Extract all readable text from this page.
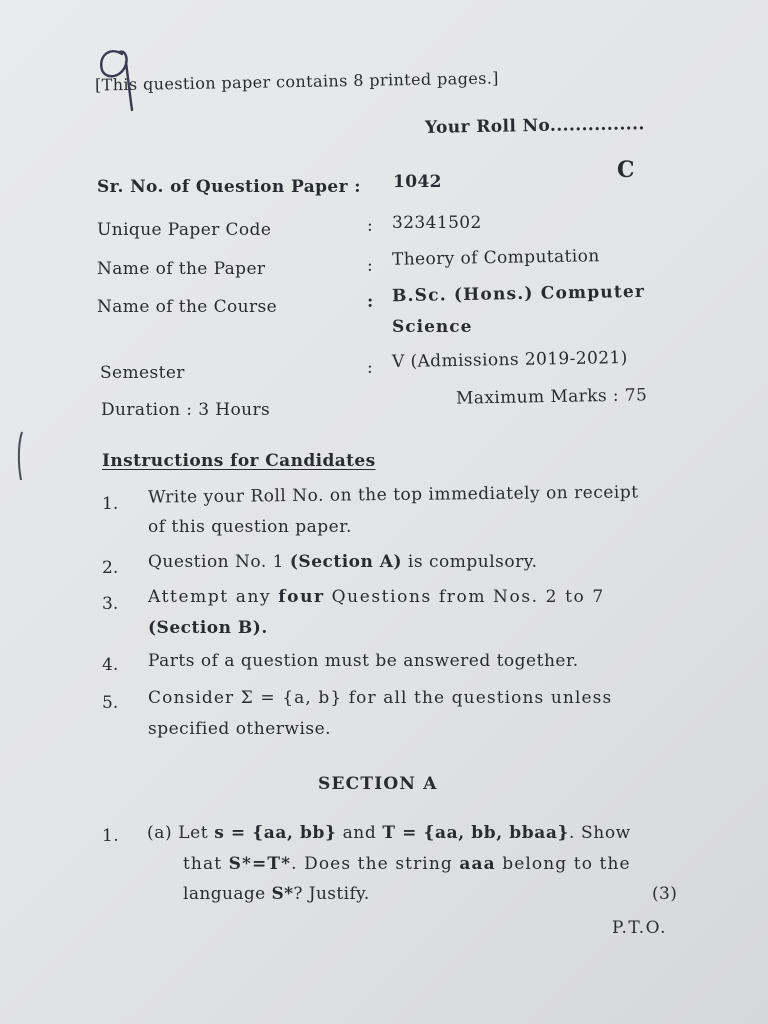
[This question paper contains 8 printed pages.]
Your Roll No...............
C
Sr. No. of Question Paper : 1042
Unique Paper Code	: 32341502
Name of the Paper	: Theory of Computation
Name of the Course	: B.Sc. (Hons.) Computer
Science
Semester	: V (Admissions 2019-2021)
Duration : 3 Hours
Maximum Marks : 75
Instructions for Candidates
1. Write your Roll No. on the top immediately on receipt
of this question paper.
2. Question No. 1 (Section A) is compulsory.
3. Attempt any four Questions from Nos. 2 to 7
(Section B).
4. Parts of a question must be answered together.
5. Consider Σ = {a, b} for all the questions unless
specified otherwise.
SECTION A
1. (a) Let s = {aa, bb} and T = {aa, bb, bbaa}. Show
that S*=T*. Does the string aaa belong to the
language S*? Justify.	(3)
P.T.O.
